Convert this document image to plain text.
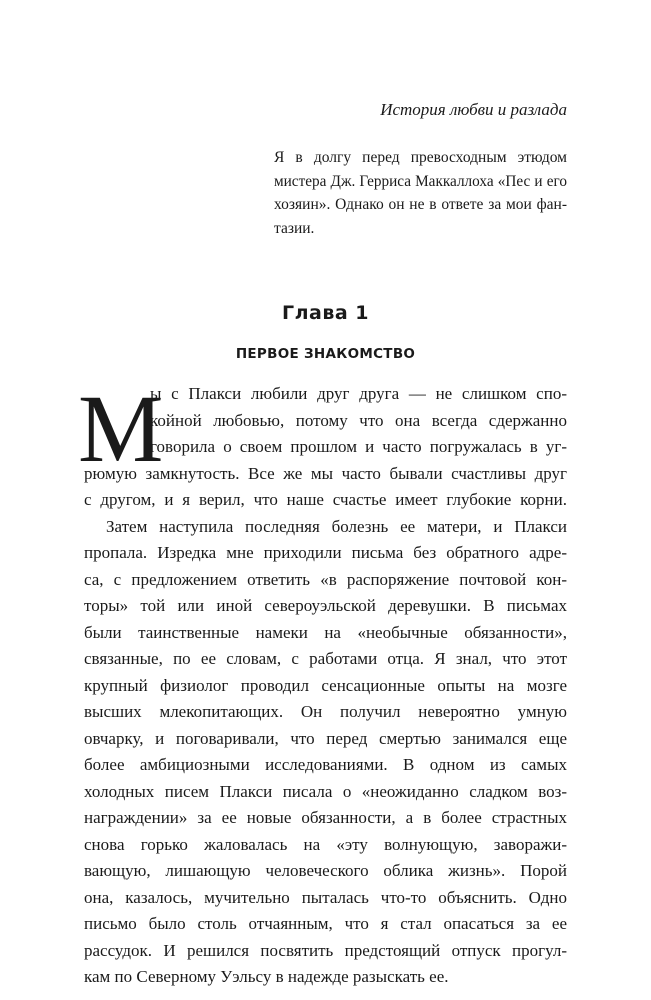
История любви и разлада
Я в долгу перед превосходным этюдом
мистера Дж. Герриса Маккаллоха «Пес и его
хозяин». Однако он не в ответе за мои фан-
тазии.
Глава 1
ПЕРВОЕ ЗНАКОМСТВО
М
ы с Плакси любили друг друга — не слишком спо-
койной любовью, потому что она всегда сдержанно
говорила о своем прошлом и часто погружалась в уг-
рюмую замкнутость. Все же мы часто бывали счастливы друг
с другом, и я верил, что наше счастье имеет глубокие корни.
Затем наступила последняя болезнь ее матери, и Плакси
пропала. Изредка мне приходили письма без обратного адре-
са, с предложением ответить «в распоряжение почтовой кон-
торы» той или иной североуэльской деревушки. В письмах
были таинственные намеки на «необычные обязанности»,
связанные, по ее словам, с работами отца. Я знал, что этот
крупный физиолог проводил сенсационные опыты на мозге
высших млекопитающих. Он получил невероятно умную
овчарку, и поговаривали, что перед смертью занимался еще
более амбициозными исследованиями. В одном из самых
холодных писем Плакси писала о «неожиданно сладком воз-
награждении» за ее новые обязанности, а в более страстных
снова горько жаловалась на «эту волнующую, заворажи-
вающую, лишающую человеческого облика жизнь». Порой
она, казалось, мучительно пыталась что-то объяснить. Одно
письмо было столь отчаянным, что я стал опасаться за ее
рассудок. И решился посвятить предстоящий отпуск прогул-
кам по Северному Уэльсу в надежде разыскать ее.
